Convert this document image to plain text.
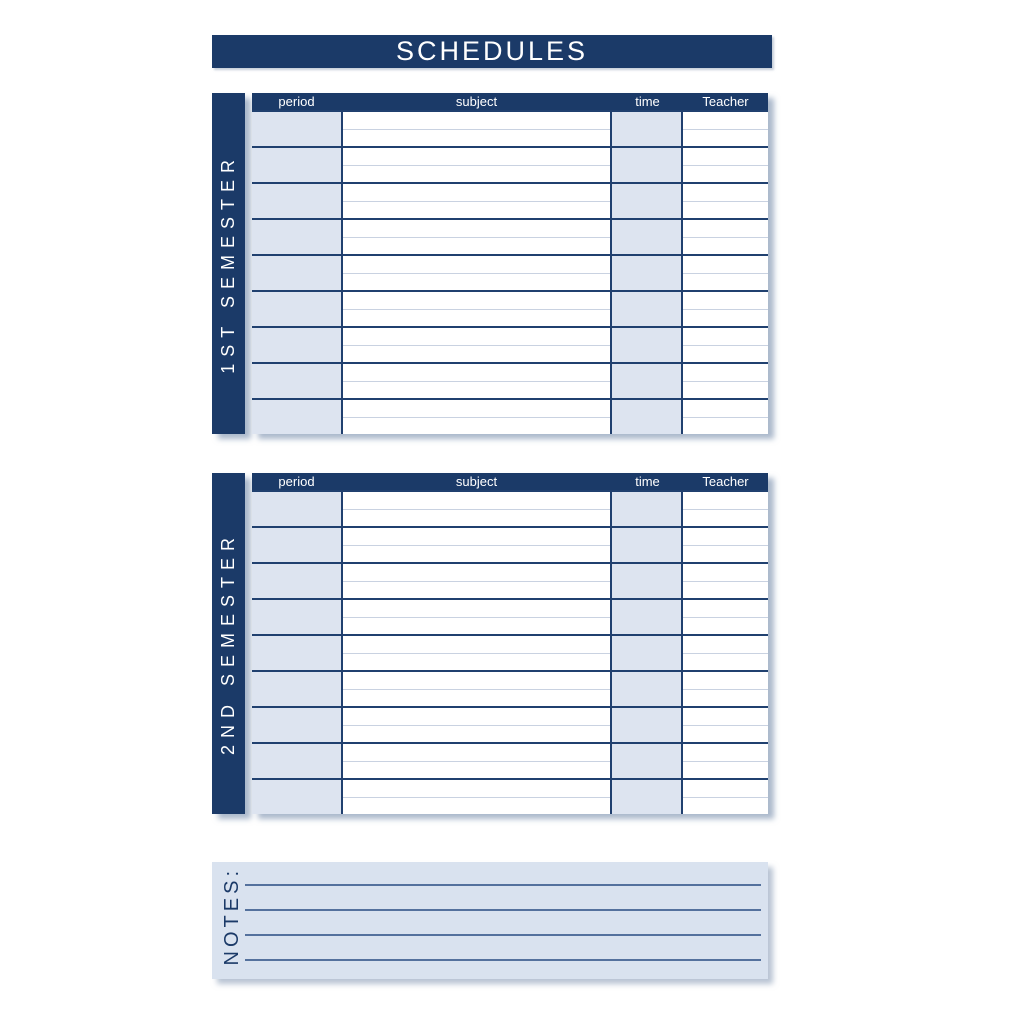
SCHEDULES
1ST SEMESTER
period	subject	time	Teacher
2ND SEMESTER
period	subject	time	Teacher
NOTES:
